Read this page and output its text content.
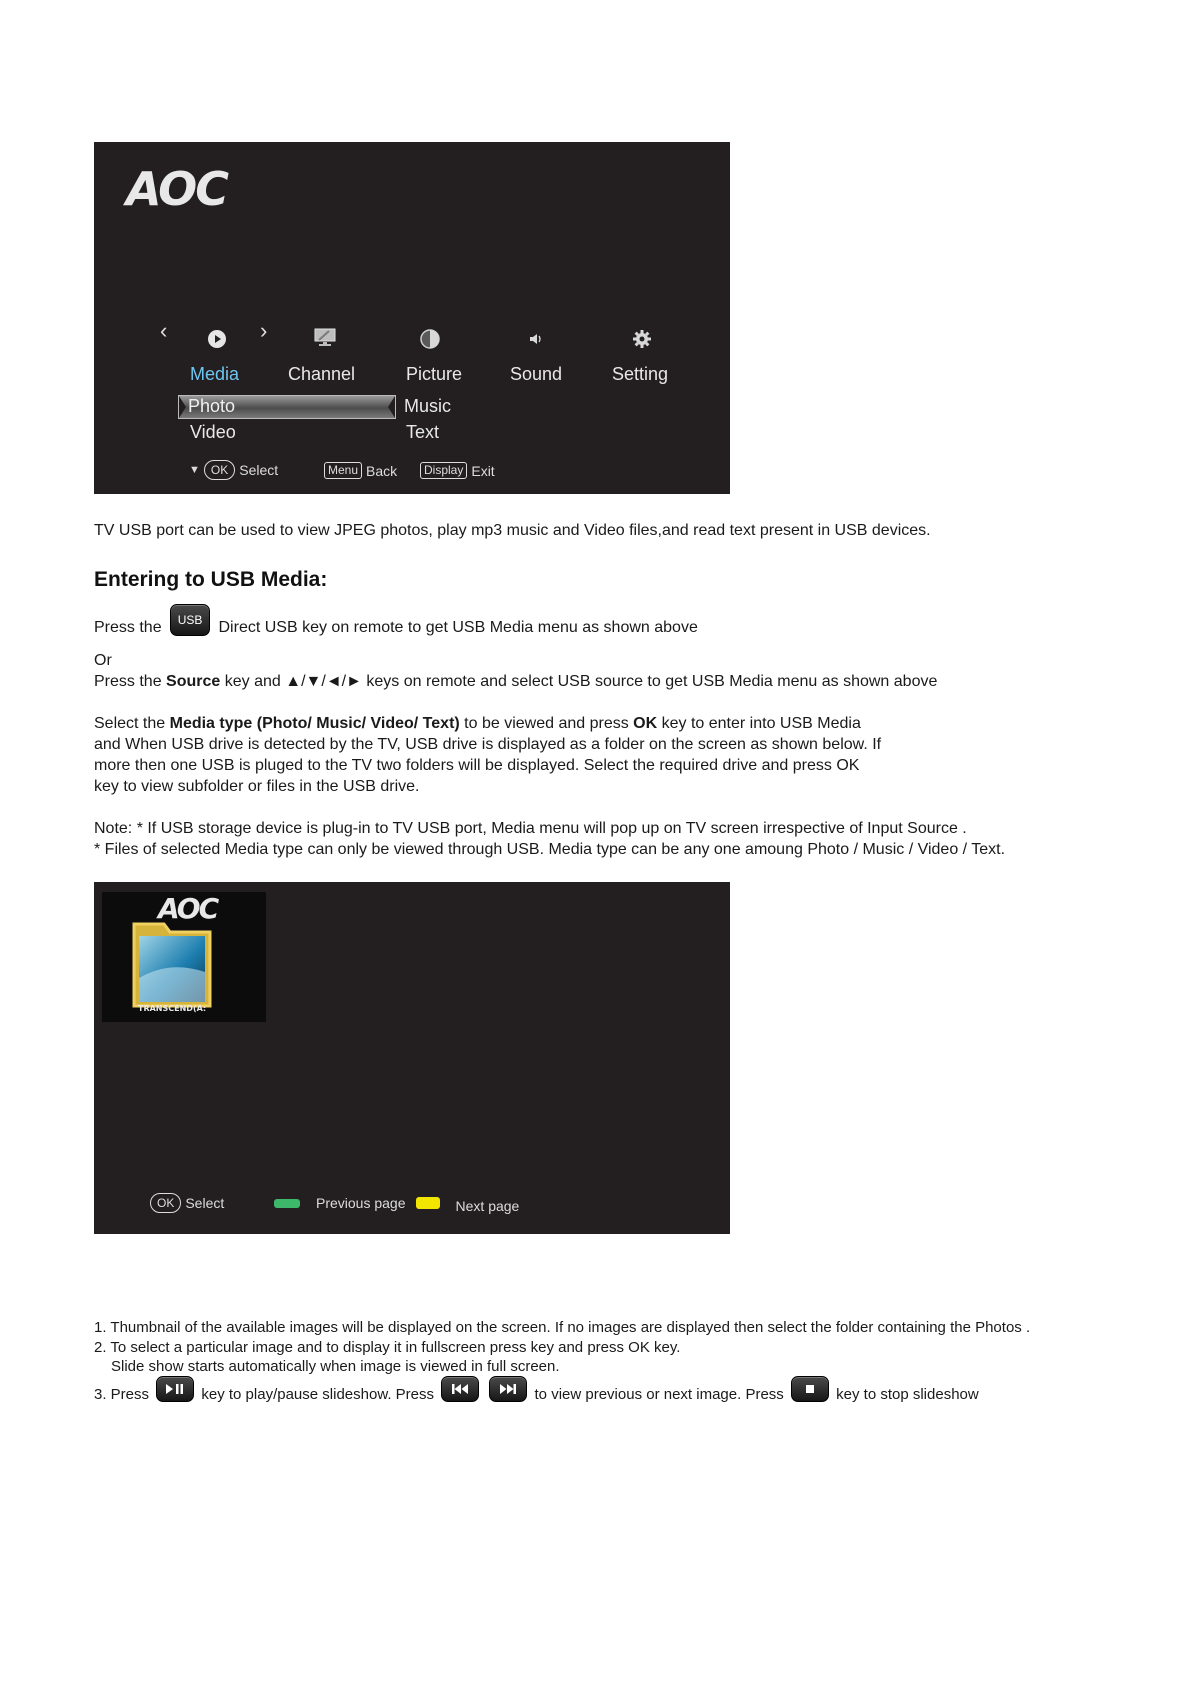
AOC
‹	›
Media	Channel	Picture	Sound	Setting
Photo	Music
Video	Text
▼ OK Select	Menu Back	Display Exit
TV USB port can be used to view JPEG photos, play mp3 music and Video files,and read text present in USB devices.
Entering to USB Media:
Press the USB Direct USB key on remote to get USB Media menu as shown above
Or
Press the Source key and ▲/▼/◄/► keys on remote and select USB source to get USB Media menu as shown above
Select the Media type (Photo/ Music/ Video/ Text) to be viewed and press OK key to enter into USB Media
and When USB drive is detected by the TV, USB drive is displayed as a folder on the screen as shown below. If
more then one USB is pluged to the TV two folders will be displayed. Select the required drive and press OK
key to view subfolder or files in the USB drive.
Note: * If USB storage device is plug-in to TV USB port, Media menu will pop up on TV screen irrespective of Input Source .
* Files of selected Media type can only be viewed through USB. Media type can be any one amoung Photo / Music / Video / Text.
AOC
TRANSCEND(A:
OK Select	Previous page	Next page
1. Thumbnail of the available images will be displayed on the screen. If no images are displayed then select the folder containing the Photos .
2. To select a particular image and to display it in fullscreen press key and press OK key.
Slide show starts automatically when image is viewed in full screen.
3. Press	key to play/pause slideshow. Press
	to view previous or next image. Press	key to stop slideshow
